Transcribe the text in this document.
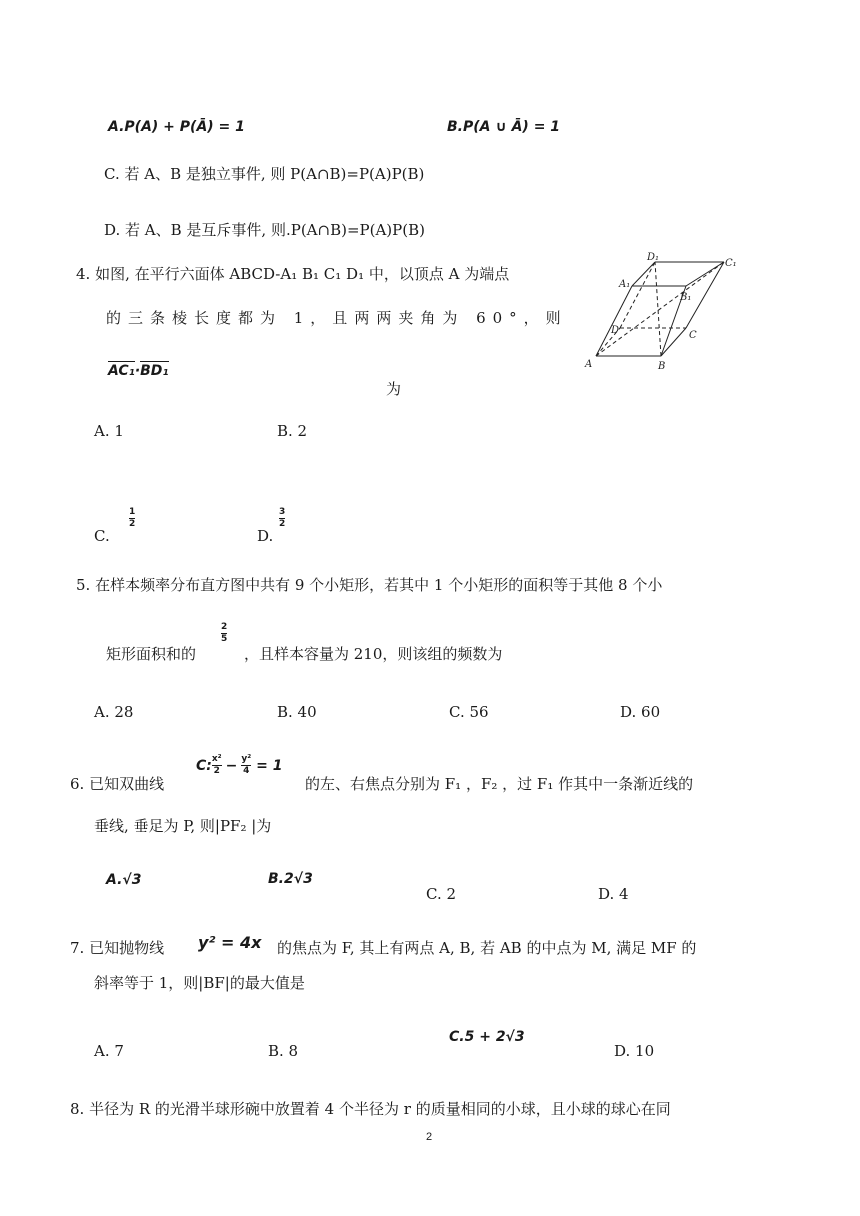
A.P(A) + P(Ā) = 1	B.P(A ∪ Ā) = 1
C. 若 A、B 是独立事件, 则 P(A∩B)=P(A)P(B)
D. 若 A、B 是互斥事件, 则.P(A∩B)=P(A)P(B)
4. 如图, 在平行六面体 ABCD-A₁ B₁ C₁ D₁ 中，以顶点 A 为端点
的三条棱长度都为 1，且两两夹角为 60°，则
AC₁·BD₁
为
A	B
C
D
A₁
B₁
C₁
D₁
A. 1	B. 2
C.
1
2
D.
3
2
5. 在样本频率分布直方图中共有 9 个小矩形，若其中 1 个小矩形的面积等于其他 8 个小
矩形面积和的
2
5
，且样本容量为 210，则该组的频数为
A. 28	B. 40	C. 56	D. 60
6. 已知双曲线
C: $\frac{\text{x²}}{2} - \frac{\text{y²}}{4} = 1$
的左、右焦点分别为 F₁ ，F₂ ，过 F₁ 作其中一条渐近线的
垂线, 垂足为 P, 则|PF₂ |为
A.√3	B.2√3
C. 2	D. 4
7. 已知抛物线 y² = 4x 的焦点为 F, 其上有两点 A, B, 若 AB 的中点为 M, 满足 MF 的
斜率等于 1，则|BF|的最大值是
A. 7	B. 8
C.5 + 2√3
D. 10
8. 半径为 R 的光滑半球形碗中放置着 4 个半径为 r 的质量相同的小球，且小球的球心在同
2
